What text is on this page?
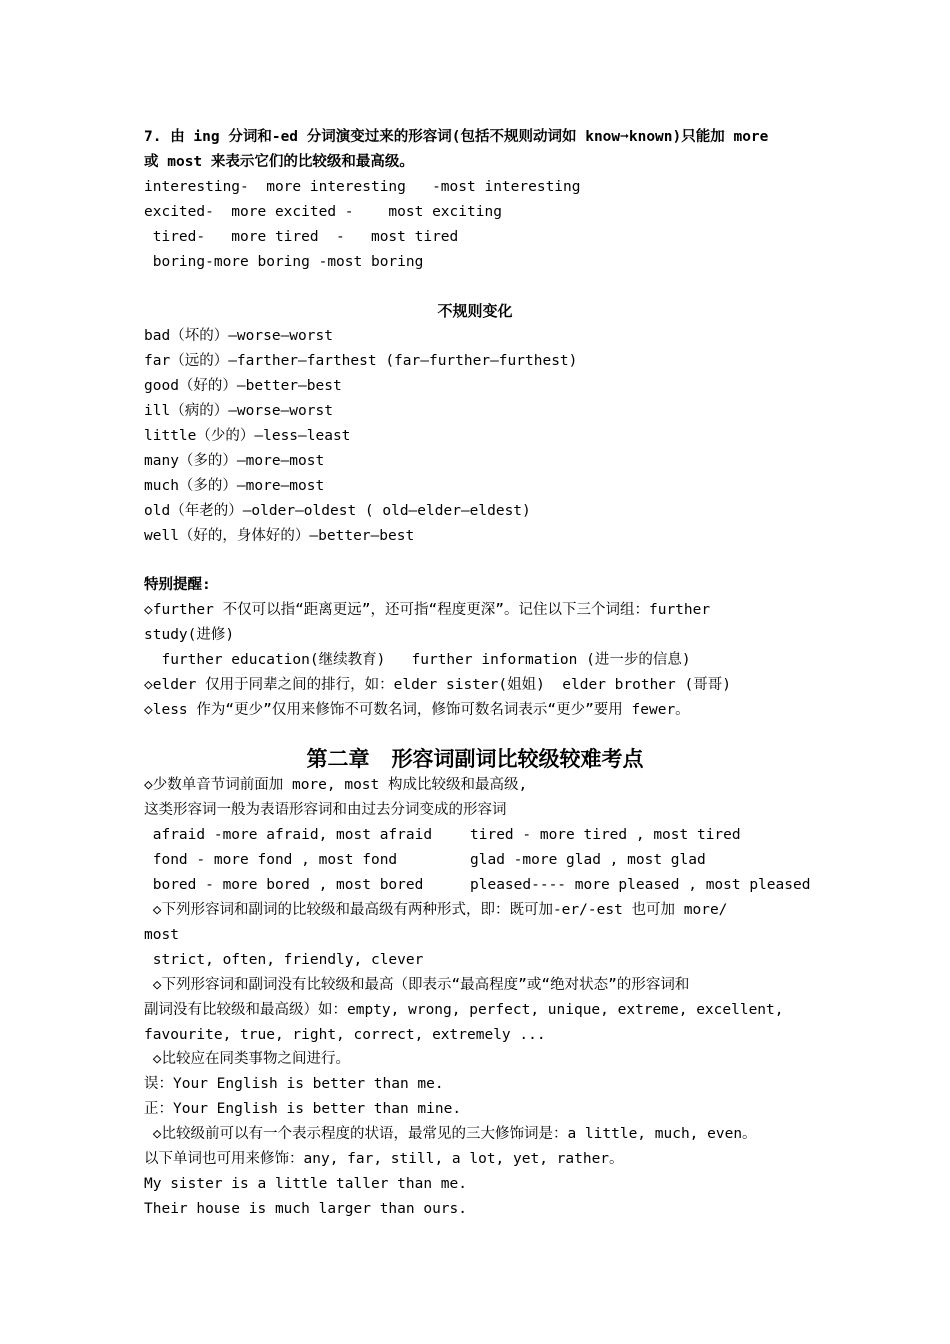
7. 由 ing 分词和-ed 分词演变过来的形容词(包括不规则动词如 know➞known)只能加 more
或 most 来表示它们的比较级和最高级。
interesting-  more interesting   -most interesting
excited-  more excited -    most exciting
tired-   more tired  -   most tired
boring-more boring -most boring
不规则变化
bad（坏的）—worse—worst
far（远的）—farther—farthest (far—further—furthest)
good（好的）—better—best
ill（病的）—worse—worst
little（少的）—less—least
many（多的）—more—most
much（多的）—more—most
old（年老的）—older—oldest ( old—elder—eldest)
well（好的，身体好的）—better—best
特别提醒:
◇further 不仅可以指“距离更远”，还可指“程度更深”。记住以下三个词组：further
study(进修)
further education(继续教育)   further information (进一步的信息)
◇elder 仅用于同辈之间的排行，如：elder sister(姐姐)  elder brother (哥哥)
◇less 作为“更少”仅用来修饰不可数名词，修饰可数名词表示“更少”要用 fewer。
第二章   形容词副词比较级较难考点
◇少数单音节词前面加 more, most 构成比较级和最高级,
这类形容词一般为表语形容词和由过去分词变成的形容词
afraid -more afraid, most afraid	tired - more tired , most tired
fond - more fond , most fond	glad -more glad , most glad
bored - more bored , most bored	pleased---- more pleased , most pleased
◇下列形容词和副词的比较级和最高级有两种形式，即：既可加-er/-est 也可加 more/
most
strict, often, friendly, clever
◇下列形容词和副词没有比较级和最高（即表示“最高程度”或“绝对状态”的形容词和
副词没有比较级和最高级）如：empty, wrong, perfect, unique, extreme, excellent,
favourite, true, right, correct, extremely ...
◇比较应在同类事物之间进行。
误：Your English is better than me.
正：Your English is better than mine.
◇比较级前可以有一个表示程度的状语，最常见的三大修饰词是：a little, much, even。
以下单词也可用来修饰：any, far, still, a lot, yet, rather。
My sister is a little taller than me.
Their house is much larger than ours.
